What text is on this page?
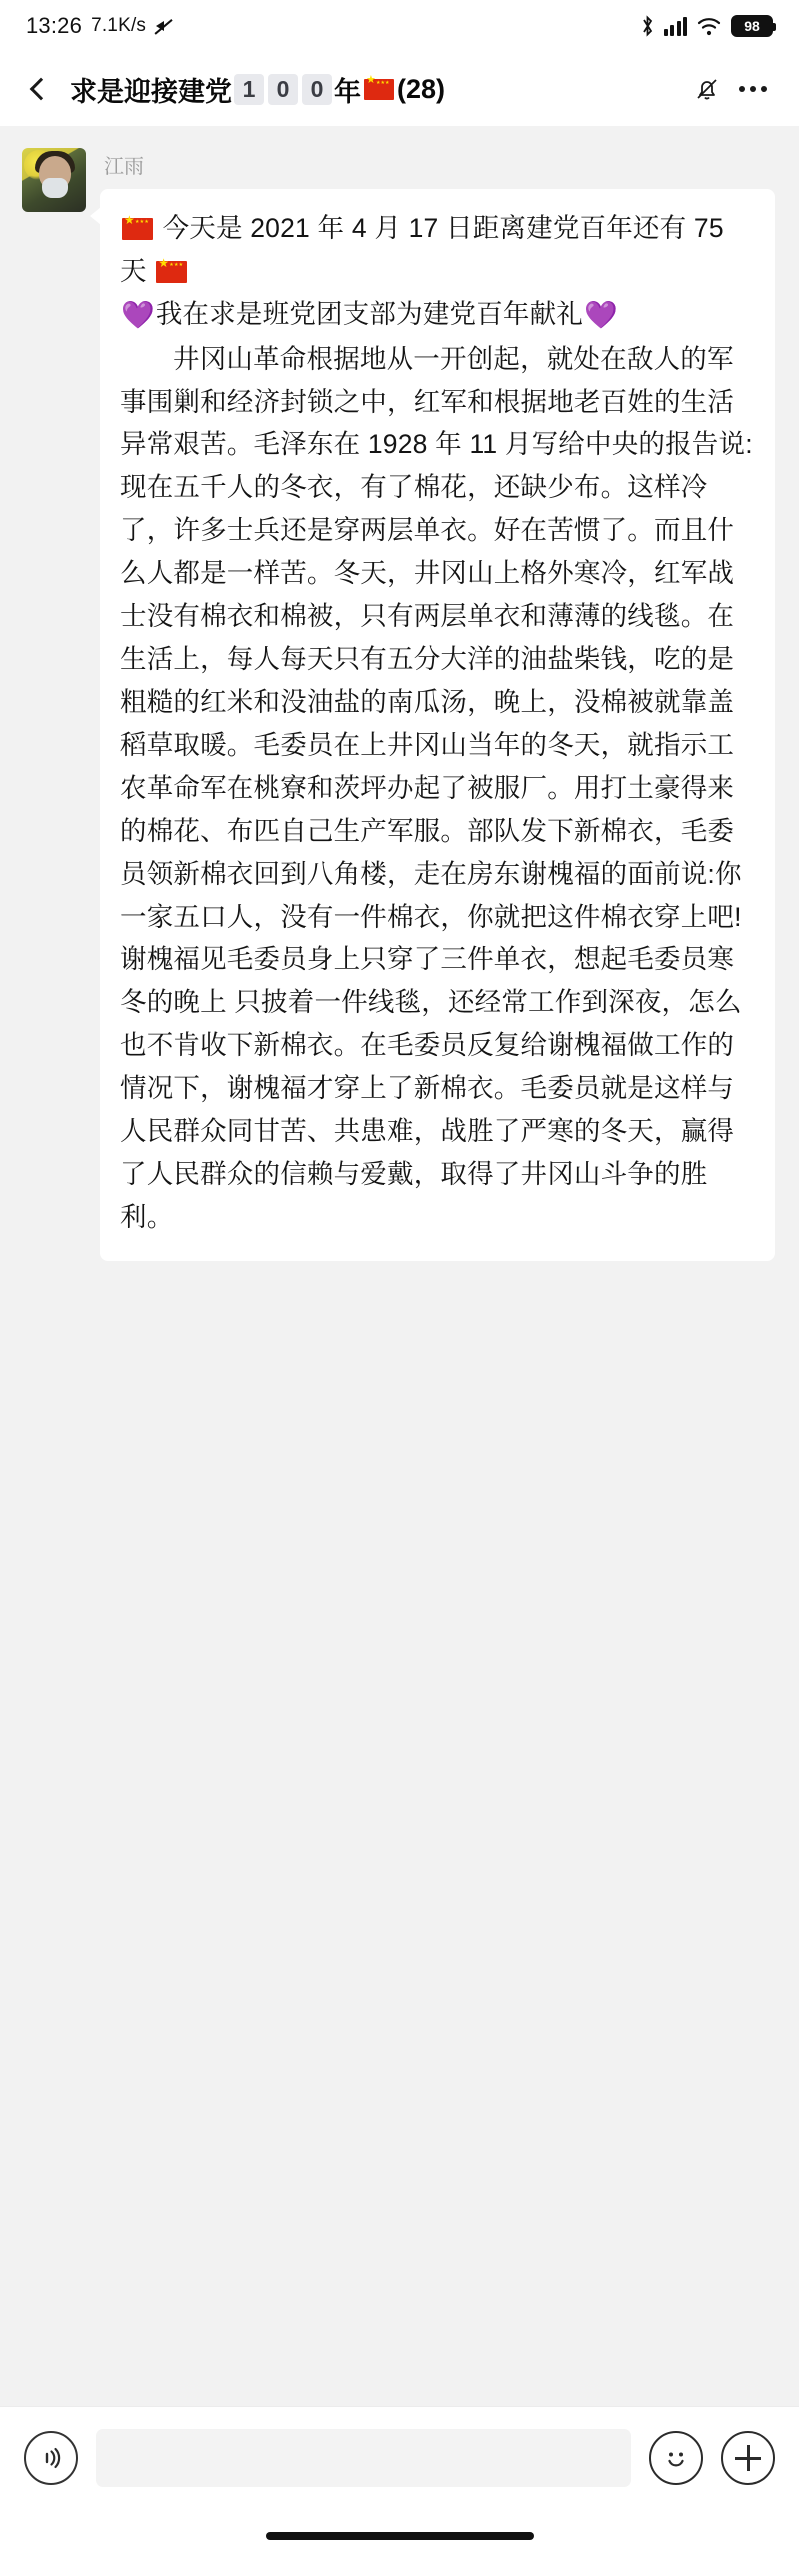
13:26 7.1K/s	98
求是迎接建党 1 0 0 年 ★ ★★★ (28)
江雨

★ ★★★ 今天是 2021 年 4 月 17 日距离建党百年还有 75 天 ★ ★★★

💜我在求是班党团支部为建党百年献礼💜

井冈山革命根据地从一开创起，就处在敌人的军事围剿和经济封锁之中，红军和根据地老百姓的生活异常艰苦。毛泽东在 1928 年 11 月写给中央的报告说:现在五千人的冬衣，有了棉花，还缺少布。这样冷了，许多士兵还是穿两层单衣。好在苦惯了。而且什么人都是一样苦。冬天，井冈山上格外寒冷，红军战士没有棉衣和棉被，只有两层单衣和薄薄的线毯。在生活上，每人每天只有五分大洋的油盐柴钱，吃的是粗糙的红米和没油盐的南瓜汤，晚上，没棉被就靠盖稻草取暖。毛委员在上井冈山当年的冬天，就指示工农革命军在桃寮和茨坪办起了被服厂。用打土豪得来的棉花、布匹自己生产军服。部队发下新棉衣，毛委员领新棉衣回到八角楼，走在房东谢槐福的面前说:你一家五口人，没有一件棉衣，你就把这件棉衣穿上吧!谢槐福见毛委员身上只穿了三件单衣，想起毛委员寒冬的晚上 只披着一件线毯，还经常工作到深夜，怎么也不肯收下新棉衣。在毛委员反复给谢槐福做工作的情况下，谢槐福才穿上了新棉衣。毛委员就是这样与人民群众同甘苦、共患难，战胜了严寒的冬天，赢得了人民群众的信赖与爱戴，取得了井冈山斗争的胜利。
